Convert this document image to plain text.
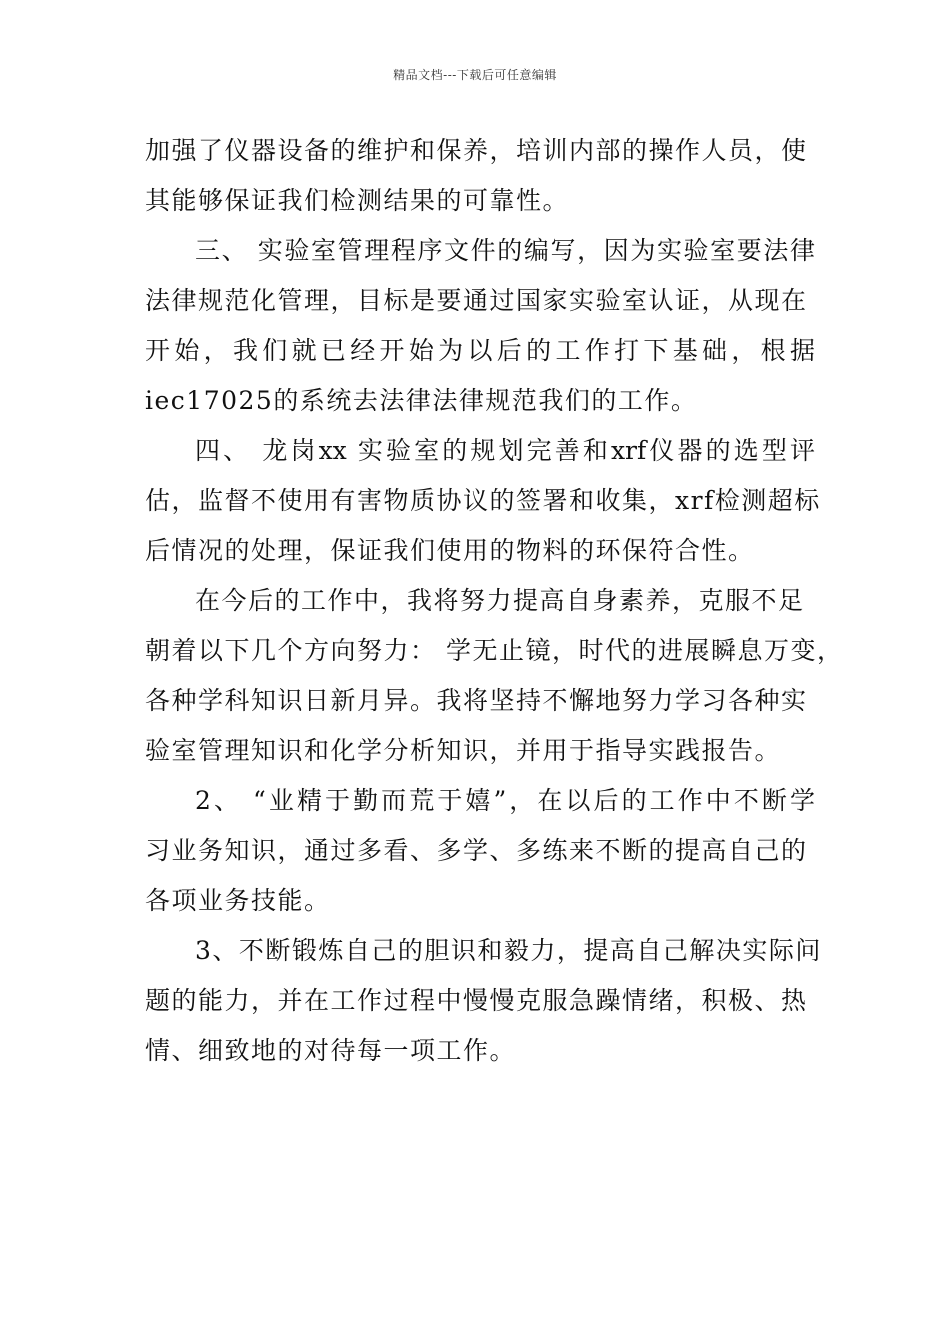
精品文档---下载后可任意编辑
加强了仪器设备的维护和保养，培训内部的操作人员，使
其能够保证我们检测结果的可靠性。
三、 实验室管理程序文件的编写，因为实验室要法律
法律规范化管理，目标是要通过国家实验室认证，从现在
开始，我们就已经开始为以后的工作打下基础，根据
iec17025的系统去法律法律规范我们的工作。
四、 龙岗xx 实验室的规划完善和xrf仪器的选型评
估，监督不使用有害物质协议的签署和收集，xrf检测超标
后情况的处理，保证我们使用的物料的环保符合性。
在今后的工作中，我将努力提高自身素养，克服不足
朝着以下几个方向努力： 学无止镜，时代的进展瞬息万变，
各种学科知识日新月异。我将坚持不懈地努力学习各种实
验室管理知识和化学分析知识，并用于指导实践报告。
2、 “业精于勤而荒于嬉”，在以后的工作中不断学
习业务知识，通过多看、多学、多练来不断的提高自己的
各项业务技能。
3、不断锻炼自己的胆识和毅力，提高自己解决实际问
题的能力，并在工作过程中慢慢克服急躁情绪，积极、热
情、细致地的对待每一项工作。
